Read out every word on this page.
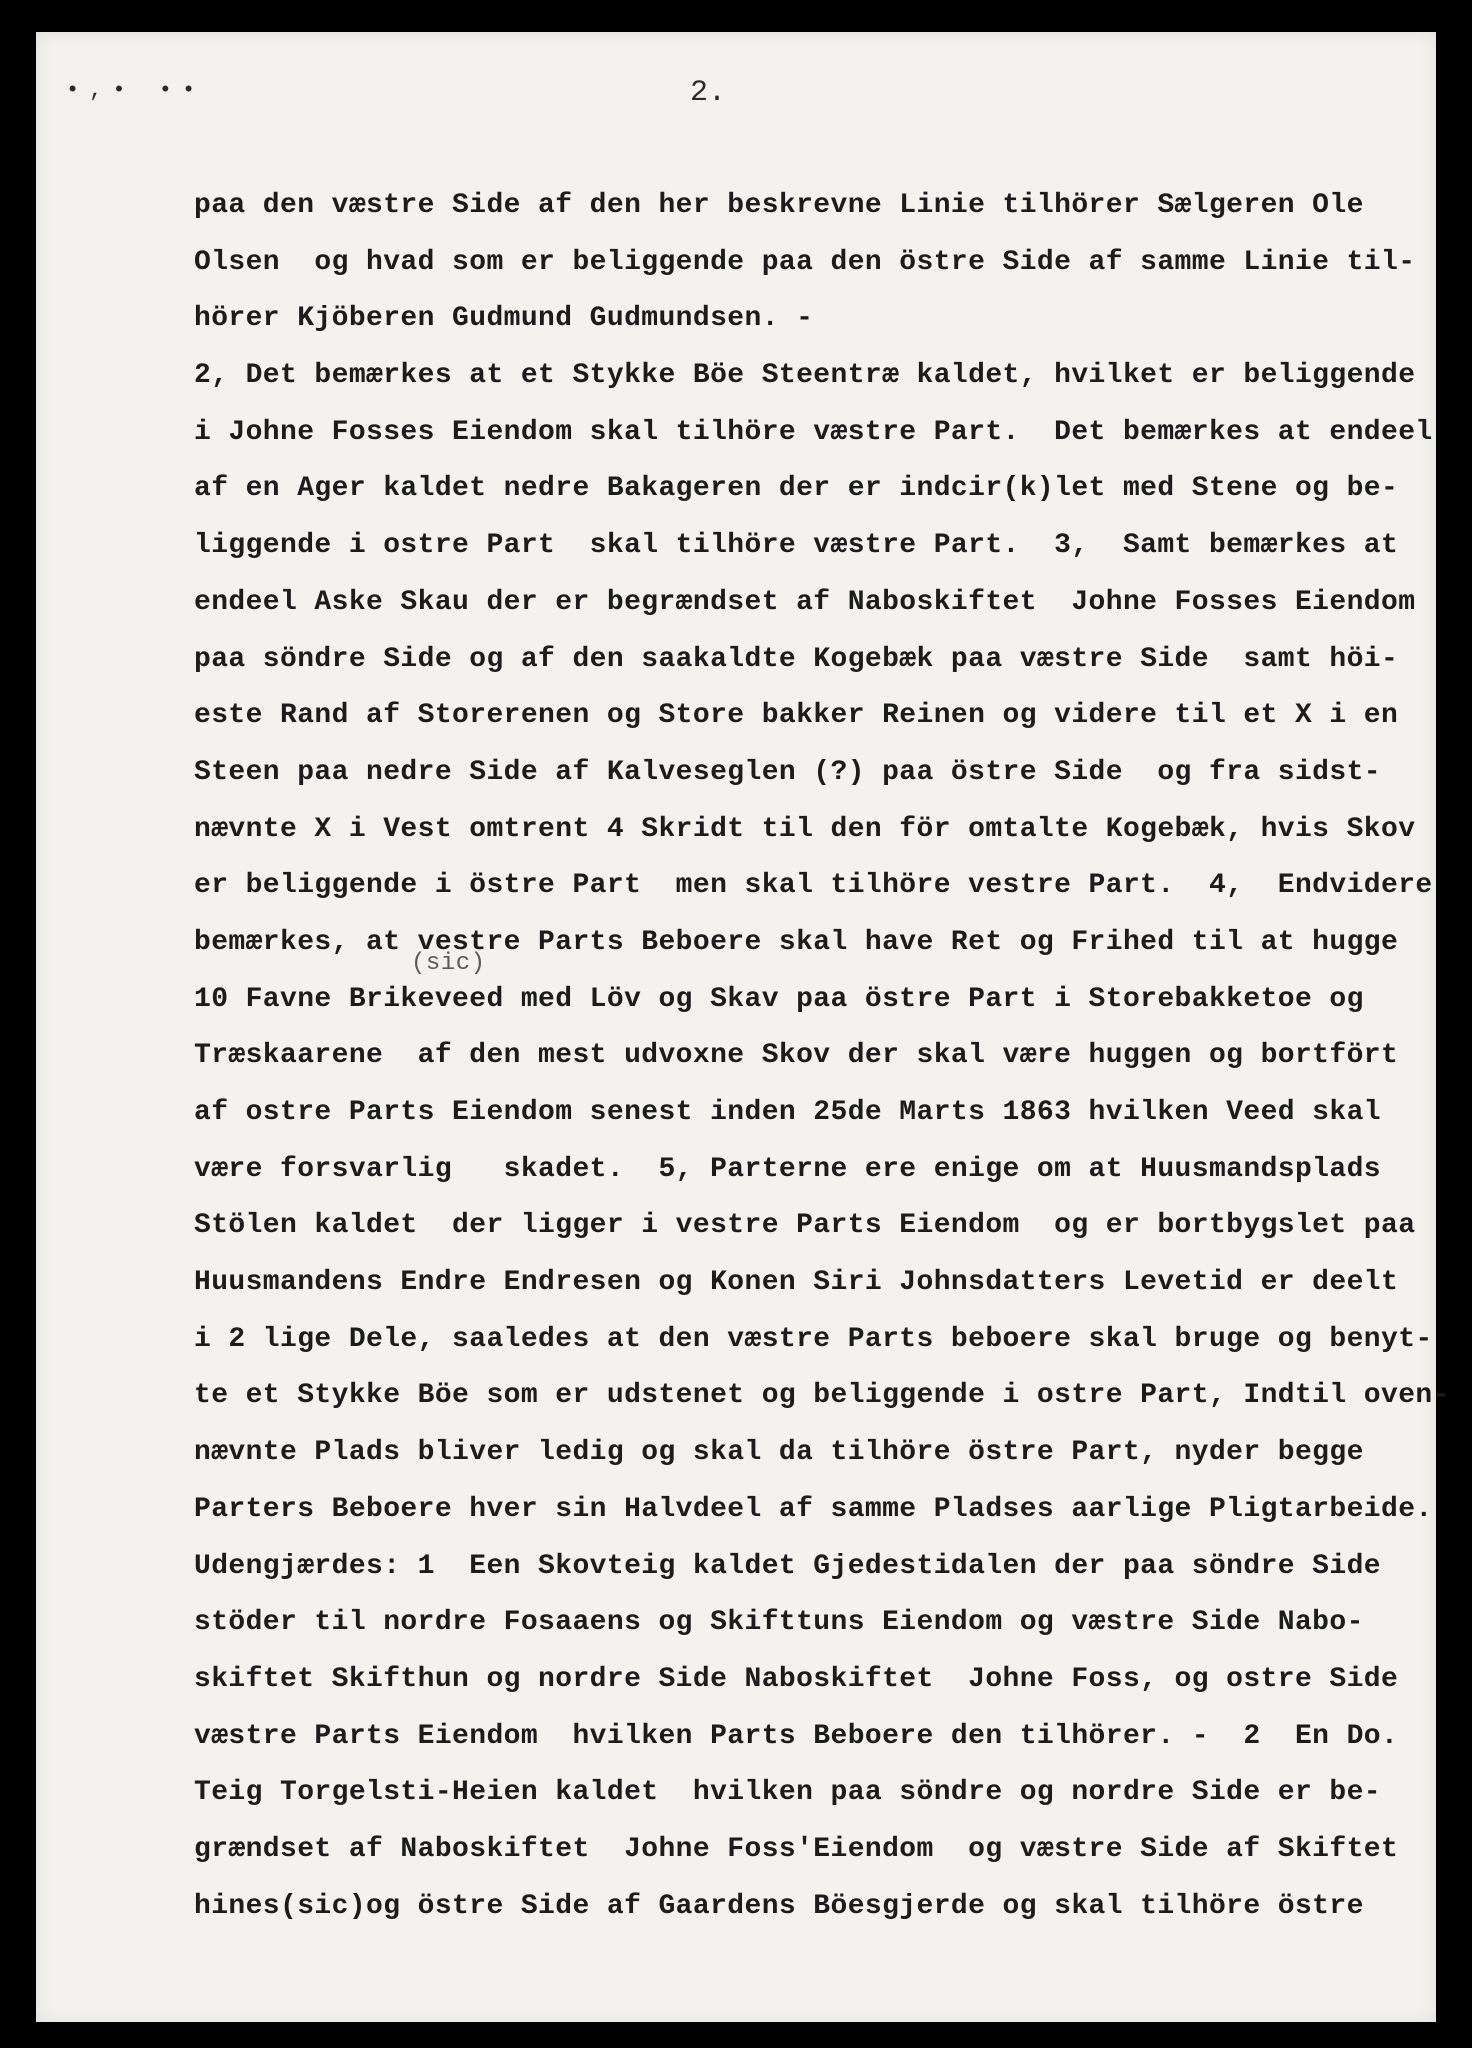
•,• ••	2.
(sic)
paa den væstre Side af den her beskrevne Linie tilhörer Sælgeren Ole
Olsen  og hvad som er beliggende paa den östre Side af samme Linie til-
hörer Kjöberen Gudmund Gudmundsen. -
2, Det bemærkes at et Stykke Böe Steentræ kaldet, hvilket er beliggende
i Johne Fosses Eiendom skal tilhöre væstre Part.  Det bemærkes at endeel
af en Ager kaldet nedre Bakageren der er indcir(k)let med Stene og be-
liggende i ostre Part  skal tilhöre væstre Part.  3,  Samt bemærkes at
endeel Aske Skau der er begrændset af Naboskiftet  Johne Fosses Eiendom
paa söndre Side og af den saakaldte Kogebæk paa væstre Side  samt höi-
este Rand af Storerenen og Store bakker Reinen og videre til et X i en
Steen paa nedre Side af Kalveseglen (?) paa östre Side  og fra sidst-
nævnte X i Vest omtrent 4 Skridt til den för omtalte Kogebæk, hvis Skov
er beliggende i östre Part  men skal tilhöre vestre Part.  4,  Endvidere
bemærkes, at vestre Parts Beboere skal have Ret og Frihed til at hugge
10 Favne Brikeveed med Löv og Skav paa östre Part i Storebakketoe og
Træskaarene  af den mest udvoxne Skov der skal være huggen og bortfört
af ostre Parts Eiendom senest inden 25de Marts 1863 hvilken Veed skal
være forsvarlig   skadet.  5, Parterne ere enige om at Huusmandsplads
Stölen kaldet  der ligger i vestre Parts Eiendom  og er bortbygslet paa
Huusmandens Endre Endresen og Konen Siri Johnsdatters Levetid er deelt
i 2 lige Dele, saaledes at den væstre Parts beboere skal bruge og benyt-
te et Stykke Böe som er udstenet og beliggende i ostre Part, Indtil oven-
nævnte Plads bliver ledig og skal da tilhöre östre Part, nyder begge
Parters Beboere hver sin Halvdeel af samme Pladses aarlige Pligtarbeide.
Udengjærdes: 1  Een Skovteig kaldet Gjedestidalen der paa söndre Side
stöder til nordre Fosaaens og Skifttuns Eiendom og væstre Side Nabo-
skiftet Skifthun og nordre Side Naboskiftet  Johne Foss, og ostre Side
væstre Parts Eiendom  hvilken Parts Beboere den tilhörer. -  2  En Do.
Teig Torgelsti-Heien kaldet  hvilken paa söndre og nordre Side er be-
grændset af Naboskiftet  Johne Foss'Eiendom  og væstre Side af Skiftet
hines(sic)og östre Side af Gaardens Böesgjerde og skal tilhöre östre
